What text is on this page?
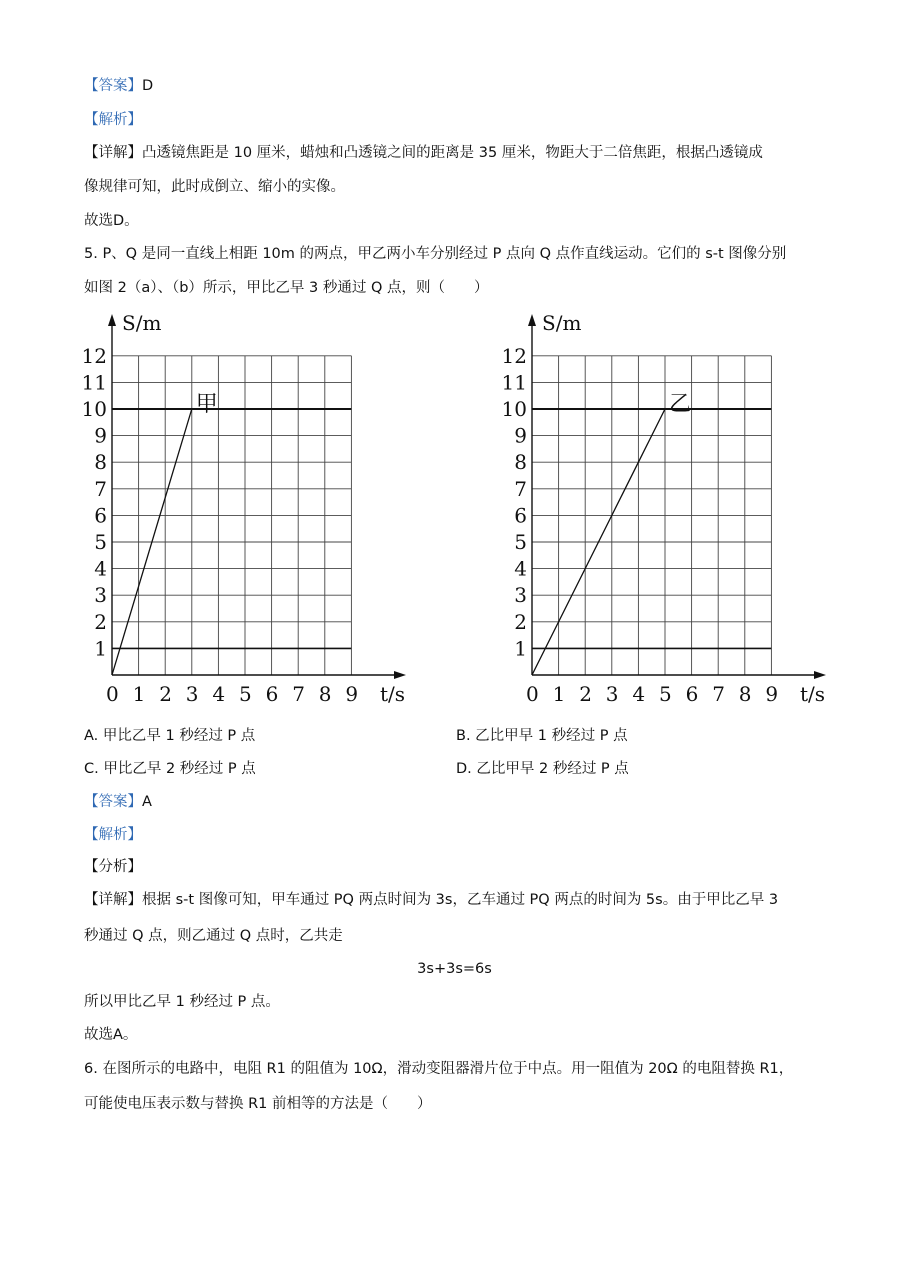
【答案】D
【解析】
【详解】凸透镜焦距是 10 厘米，蜡烛和凸透镜之间的距离是 35 厘米，物距大于二倍焦距，根据凸透镜成
像规律可知，此时成倒立、缩小的实像。
故选D。
5. P、Q 是同一直线上相距 10m 的两点，甲乙两小车分别经过 P 点向 Q 点作直线运动。它们的 s-t 图像分别
如图 2（a）、（b）所示，甲比乙早 3 秒通过 Q 点，则（　　）
S/m
t/s
0 1 2 3 4 5 6 7 8 9
1
2
3
4
5
6
7
8
9
10
11
12
甲
S/m
t/s
0 1 2 3 4 5 6 7 8 9
1
2
3
4
5
6
7
8
9
10
11
12
乙
A. 甲比乙早 1 秒经过 P 点	B. 乙比甲早 1 秒经过 P 点
C. 甲比乙早 2 秒经过 P 点	D. 乙比甲早 2 秒经过 P 点
【答案】A
【解析】
【分析】
【详解】根据 s-t 图像可知，甲车通过 PQ 两点时间为 3s，乙车通过 PQ 两点的时间为 5s。由于甲比乙早 3
秒通过 Q 点，则乙通过 Q 点时，乙共走
3s+3s=6s
所以甲比乙早 1 秒经过 P 点。
故选A。
6. 在图所示的电路中，电阻 R1 的阻值为 10Ω，滑动变阻器滑片位于中点。用一阻值为 20Ω 的电阻替换 R1，
可能使电压表示数与替换 R1 前相等的方法是（　　）
